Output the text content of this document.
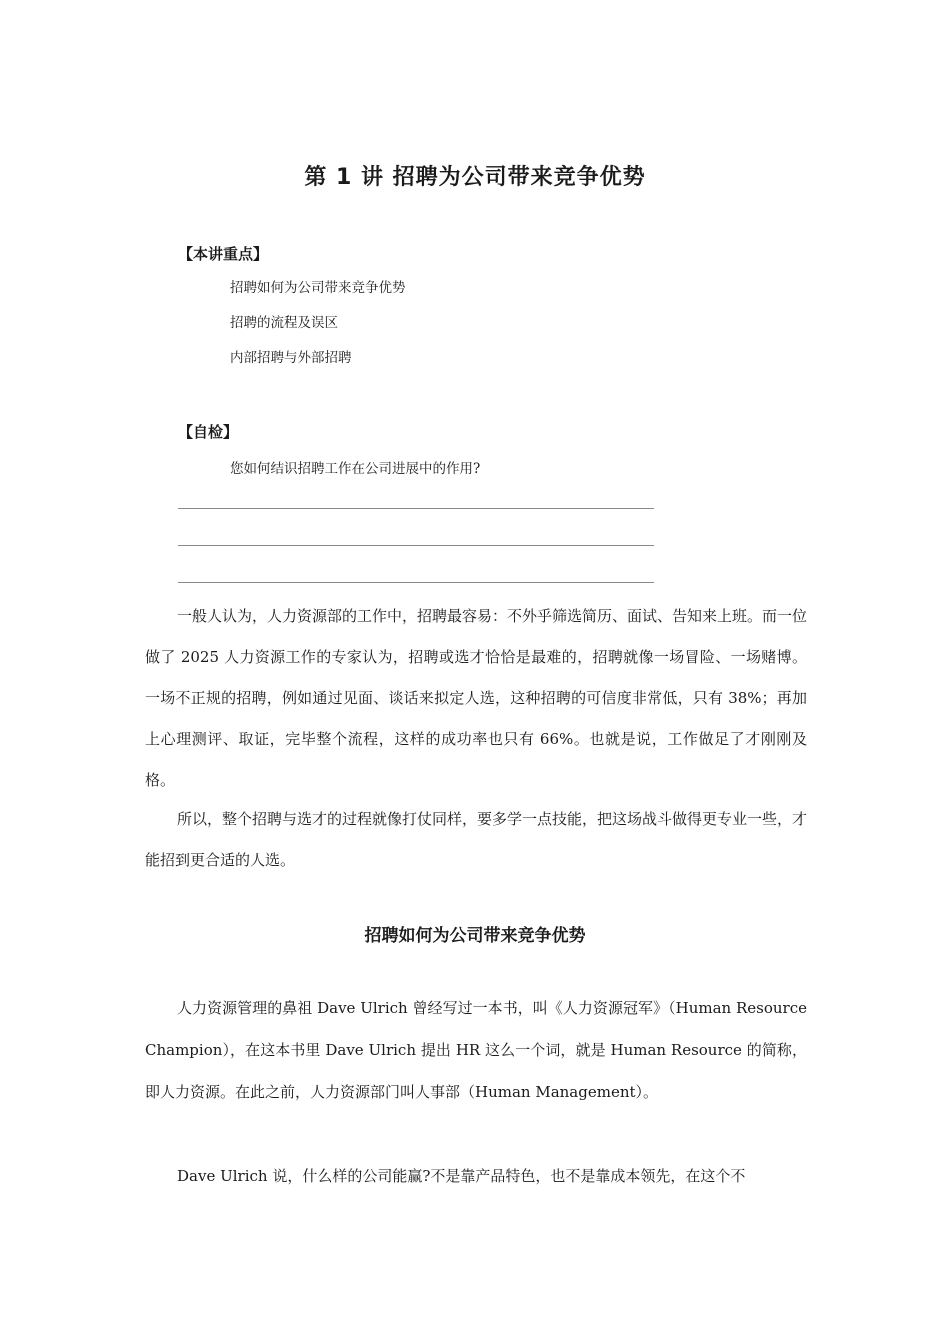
第 1 讲 招聘为公司带来竞争优势

【本讲重点】

招聘如何为公司带来竞争优势
招聘的流程及误区
内部招聘与外部招聘

【自检】

您如何结识招聘工作在公司进展中的作用?

一般人认为，人力资源部的工作中，招聘最容易：不外乎筛选简历、面试、告知来上班。而一位做了 2025 人力资源工作的专家认为，招聘或选才恰恰是最难的，招聘就像一场冒险、一场赌博。一场不正规的招聘，例如通过见面、谈话来拟定人选，这种招聘的可信度非常低，只有 38%；再加上心理测评、取证，完毕整个流程，这样的成功率也只有 66%。也就是说，工作做足了才刚刚及格。

所以，整个招聘与选才的过程就像打仗同样，要多学一点技能，把这场战斗做得更专业一些，才能招到更合适的人选。

招聘如何为公司带来竞争优势

人力资源管理的鼻祖 Dave Ulrich 曾经写过一本书，叫《人力资源冠军》（Human Resource Champion），在这本书里 Dave Ulrich 提出 HR 这么一个词，就是 Human Resource 的简称，即人力资源。在此之前，人力资源部门叫人事部（Human Management）。

Dave Ulrich 说，什么样的公司能赢?不是靠产品特色，也不是靠成本领先，在这个不
